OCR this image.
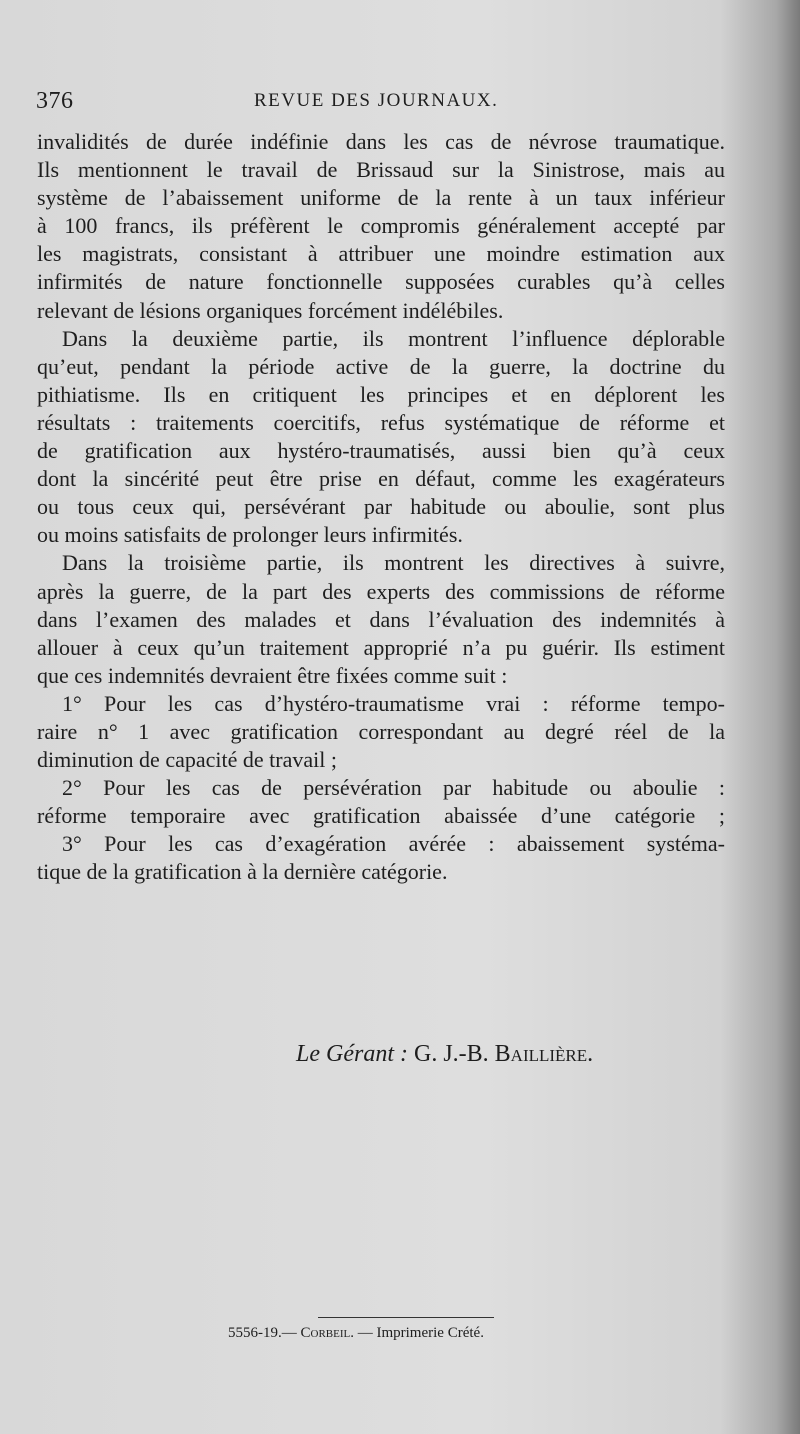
376	REVUE DES JOURNAUX.
invalidités de durée indéfinie dans les cas de névrose traumatique.
Ils mentionnent le travail de Brissaud sur la Sinistrose, mais au
système de l’abaissement uniforme de la rente à un taux inférieur
à 100 francs, ils préfèrent le compromis généralement accepté par
les magistrats, consistant à attribuer une moindre estimation aux
infirmités de nature fonctionnelle supposées curables qu’à celles
relevant de lésions organiques forcément indélébiles.
Dans la deuxième partie, ils montrent l’influence déplorable
qu’eut, pendant la période active de la guerre, la doctrine du
pithiatisme. Ils en critiquent les principes et en déplorent les
résultats : traitements coercitifs, refus systématique de réforme et
de gratification aux hystéro-traumatisés, aussi bien qu’à ceux
dont la sincérité peut être prise en défaut, comme les exagérateurs
ou tous ceux qui, persévérant par habitude ou aboulie, sont plus
ou moins satisfaits de prolonger leurs infirmités.
Dans la troisième partie, ils montrent les directives à suivre,
après la guerre, de la part des experts des commissions de réforme
dans l’examen des malades et dans l’évaluation des indemnités à
allouer à ceux qu’un traitement approprié n’a pu guérir. Ils estiment
que ces indemnités devraient être fixées comme suit :
1° Pour les cas d’hystéro-traumatisme vrai : réforme tempo-
raire n° 1 avec gratification correspondant au degré réel de la
diminution de capacité de travail ;
2° Pour les cas de persévération par habitude ou aboulie :
réforme temporaire avec gratification abaissée d’une catégorie ;
3° Pour les cas d’exagération avérée : abaissement systéma-
tique de la gratification à la dernière catégorie.
Le Gérant : G. J.-B. Baillière.
5556-19.— Corbeil. — Imprimerie Crété.
